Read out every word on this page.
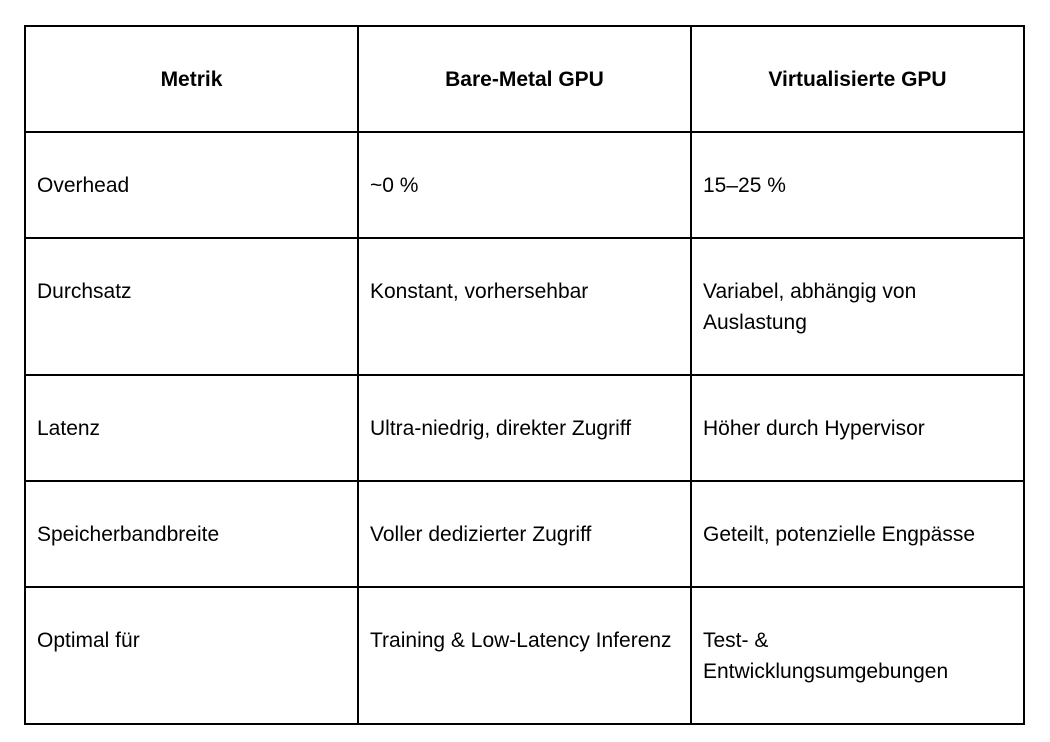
Metrik	Bare-Metal GPU	Virtualisierte GPU

Overhead	~0 %	15–25 %

Durchsatz	Konstant, vorhersehbar	Variabel, abhängig von Auslastung

Latenz	Ultra-niedrig, direkter Zugriff	Höher durch Hypervisor

Speicherbandbreite	Voller dedizierter Zugriff	Geteilt, potenzielle Engpässe

Optimal für	Training & Low-Latency Inferenz	Test- & Entwicklungsumgebungen
